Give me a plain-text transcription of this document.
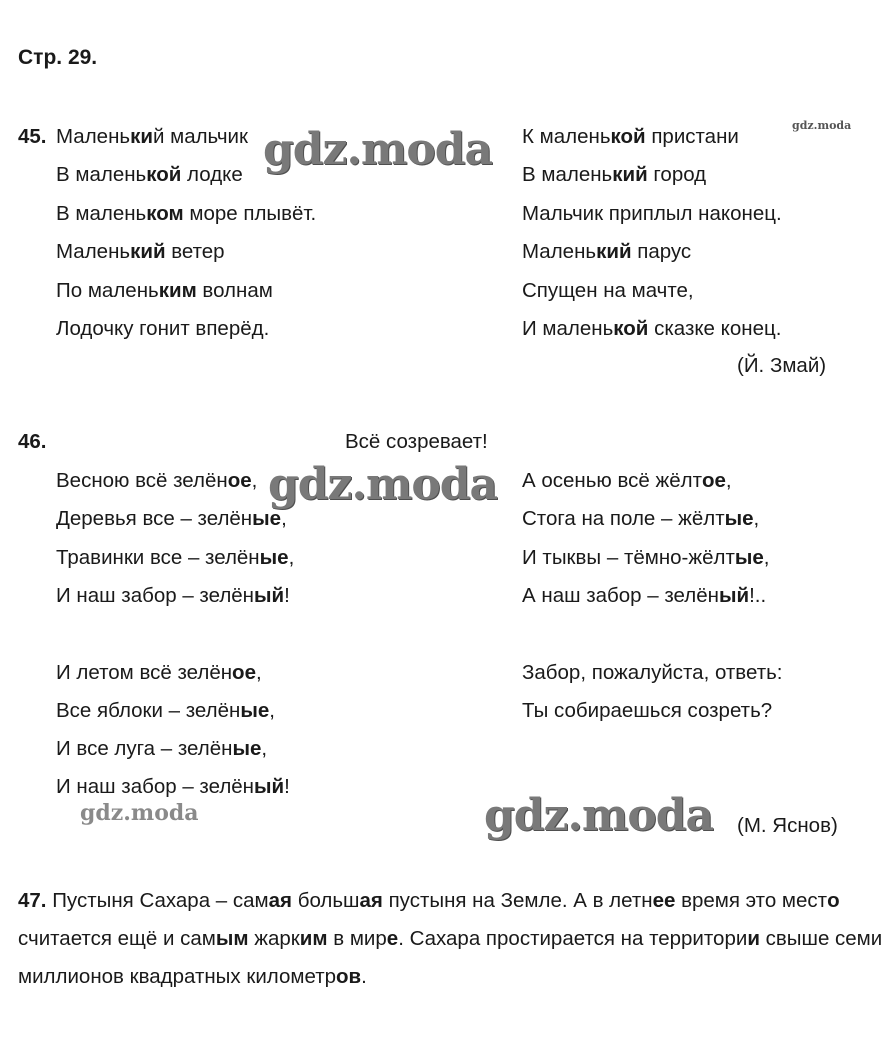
Стр. 29.
45. Маленький мальчик
В маленькой лодке
В маленьком море плывёт.
Маленький ветер
По маленьким волнам
Лодочку гонит вперёд.
К маленькой пристани
В маленький город
Мальчик приплыл наконец.
Маленький парус
Спущен на мачте,
И маленькой сказке конец.
(Й. Змай)
46.	Всё созревает!
Весною всё зелёное,
Деревья все – зелёные,
Травинки все – зелёные,
И наш забор – зелёный!
И летом всё зелёное,
Все яблоки – зелёные,
И все луга – зелёные,
И наш забор – зелёный!
А осенью всё жёлтое,
Стога на поле – жёлтые,
И тыквы – тёмно-жёлтые,
А наш забор – зелёный!..
Забор, пожалуйста, ответь:
Ты собираешься созреть?
(М. Яснов)
47. Пустыня Сахара – самая большая пустыня на Земле. А в летнее время это место считается ещё и самым жарким в мире. Сахара простирается на территории свыше семи миллионов квадратных километров.
gdz.moda
gdz.moda
gdz.moda
gdz.moda
gdz.moda
